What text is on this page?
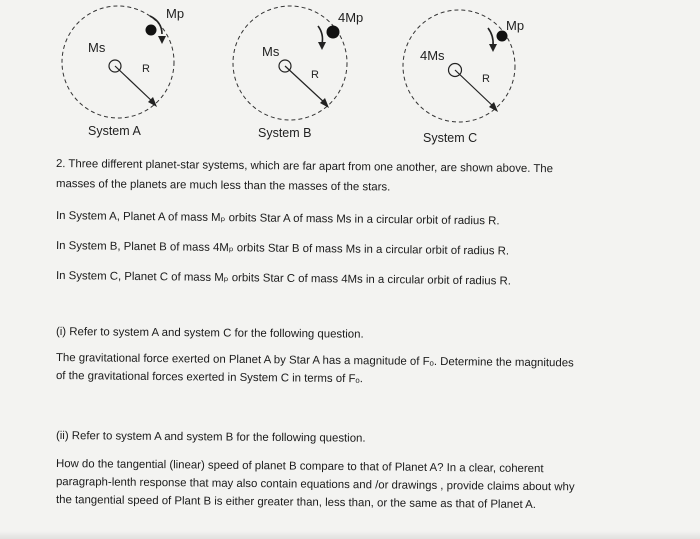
Ms
Mp
R
Ms
4Mp
R
4Ms
Mp
R
System A	System B	System C
2. Three different planet-star systems, which are far apart from one another, are shown above. The
masses of the planets are much less than the masses of the stars.
In System A, Planet A of mass Mₚ orbits Star A of mass Ms in a circular orbit of radius R.
In System B, Planet B of mass 4Mₚ orbits Star B of mass Ms in a circular orbit of radius R.
In System C, Planet C of mass Mₚ orbits Star C of mass 4Ms in a circular orbit of radius R.
(i) Refer to system A and system C for the following question.
The gravitational force exerted on Planet A by Star A has a magnitude of Fₒ. Determine the magnitudes
of the gravitational forces exerted in System C in terms of Fₒ.
(ii) Refer to system A and system B for the following question.
How do the tangential (linear) speed of planet B compare to that of Planet A? In a clear, coherent
paragraph-lenth response that may also contain equations and /or drawings , provide claims about why
the tangential speed of Plant B is either greater than, less than, or the same as that of Planet A.
